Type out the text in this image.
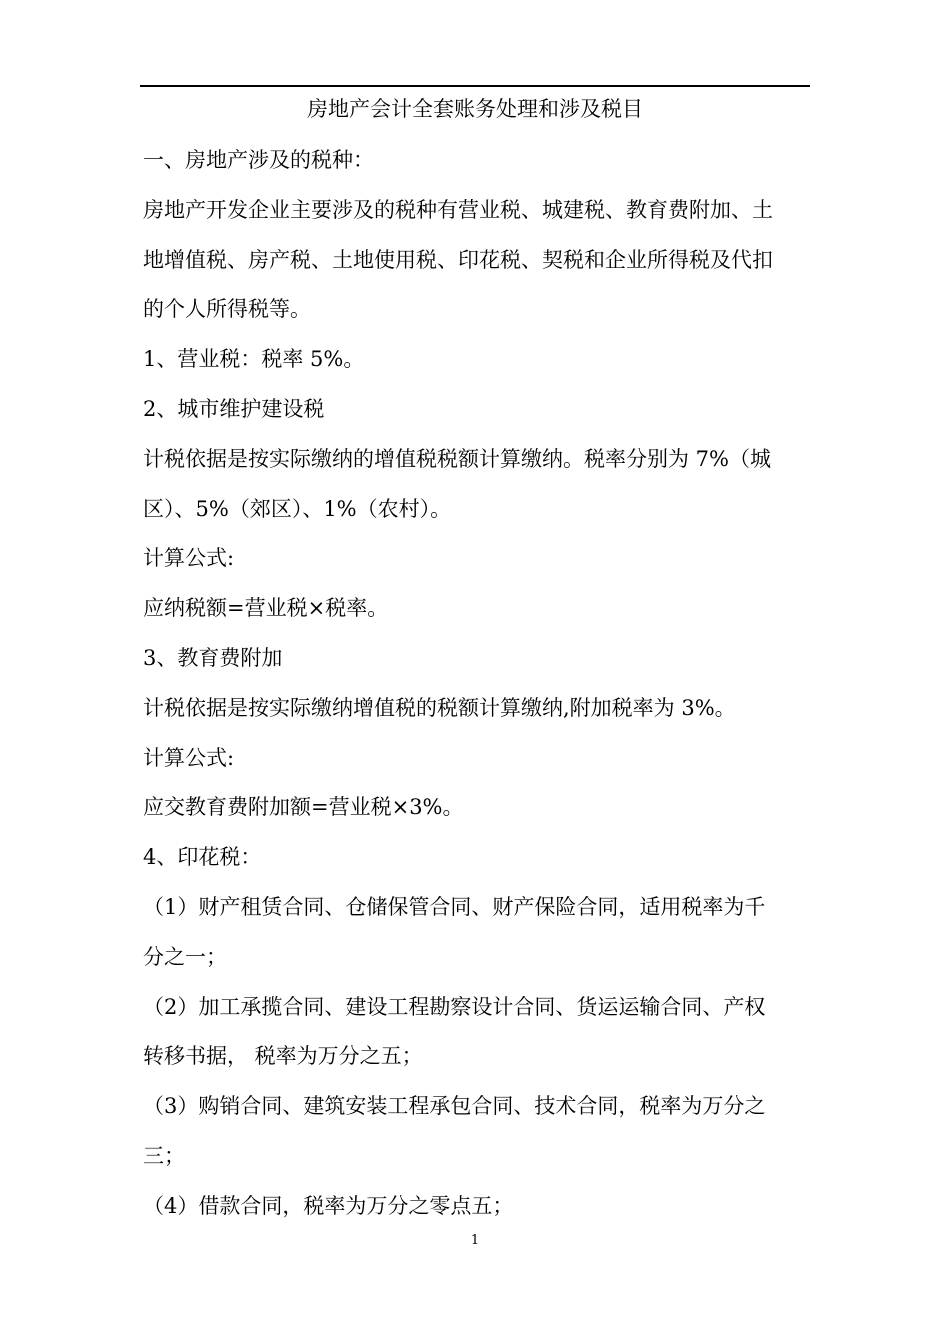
房地产会计全套账务处理和涉及税目
一、房地产涉及的税种：
房地产开发企业主要涉及的税种有营业税、城建税、教育费附加、土
地增值税、房产税、土地使用税、印花税、契税和企业所得税及代扣
的个人所得税等。
1、营业税：税率 5%。
2、城市维护建设税
计税依据是按实际缴纳的增值税税额计算缴纳。税率分别为 7%（城
区）、5%（郊区）、1%（农村）。
计算公式:
应纳税额=营业税×税率。
3、教育费附加
计税依据是按实际缴纳增值税的税额计算缴纳,附加税率为 3%。
计算公式:
应交教育费附加额=营业税×3%。
4、印花税：
（1）财产租赁合同、仓储保管合同、财产保险合同，适用税率为千
分之一；
（2）加工承揽合同、建设工程勘察设计合同、货运运输合同、产权
转移书据， 税率为万分之五；
（3）购销合同、建筑安装工程承包合同、技术合同，税率为万分之
三；
（4）借款合同，税率为万分之零点五；
1
